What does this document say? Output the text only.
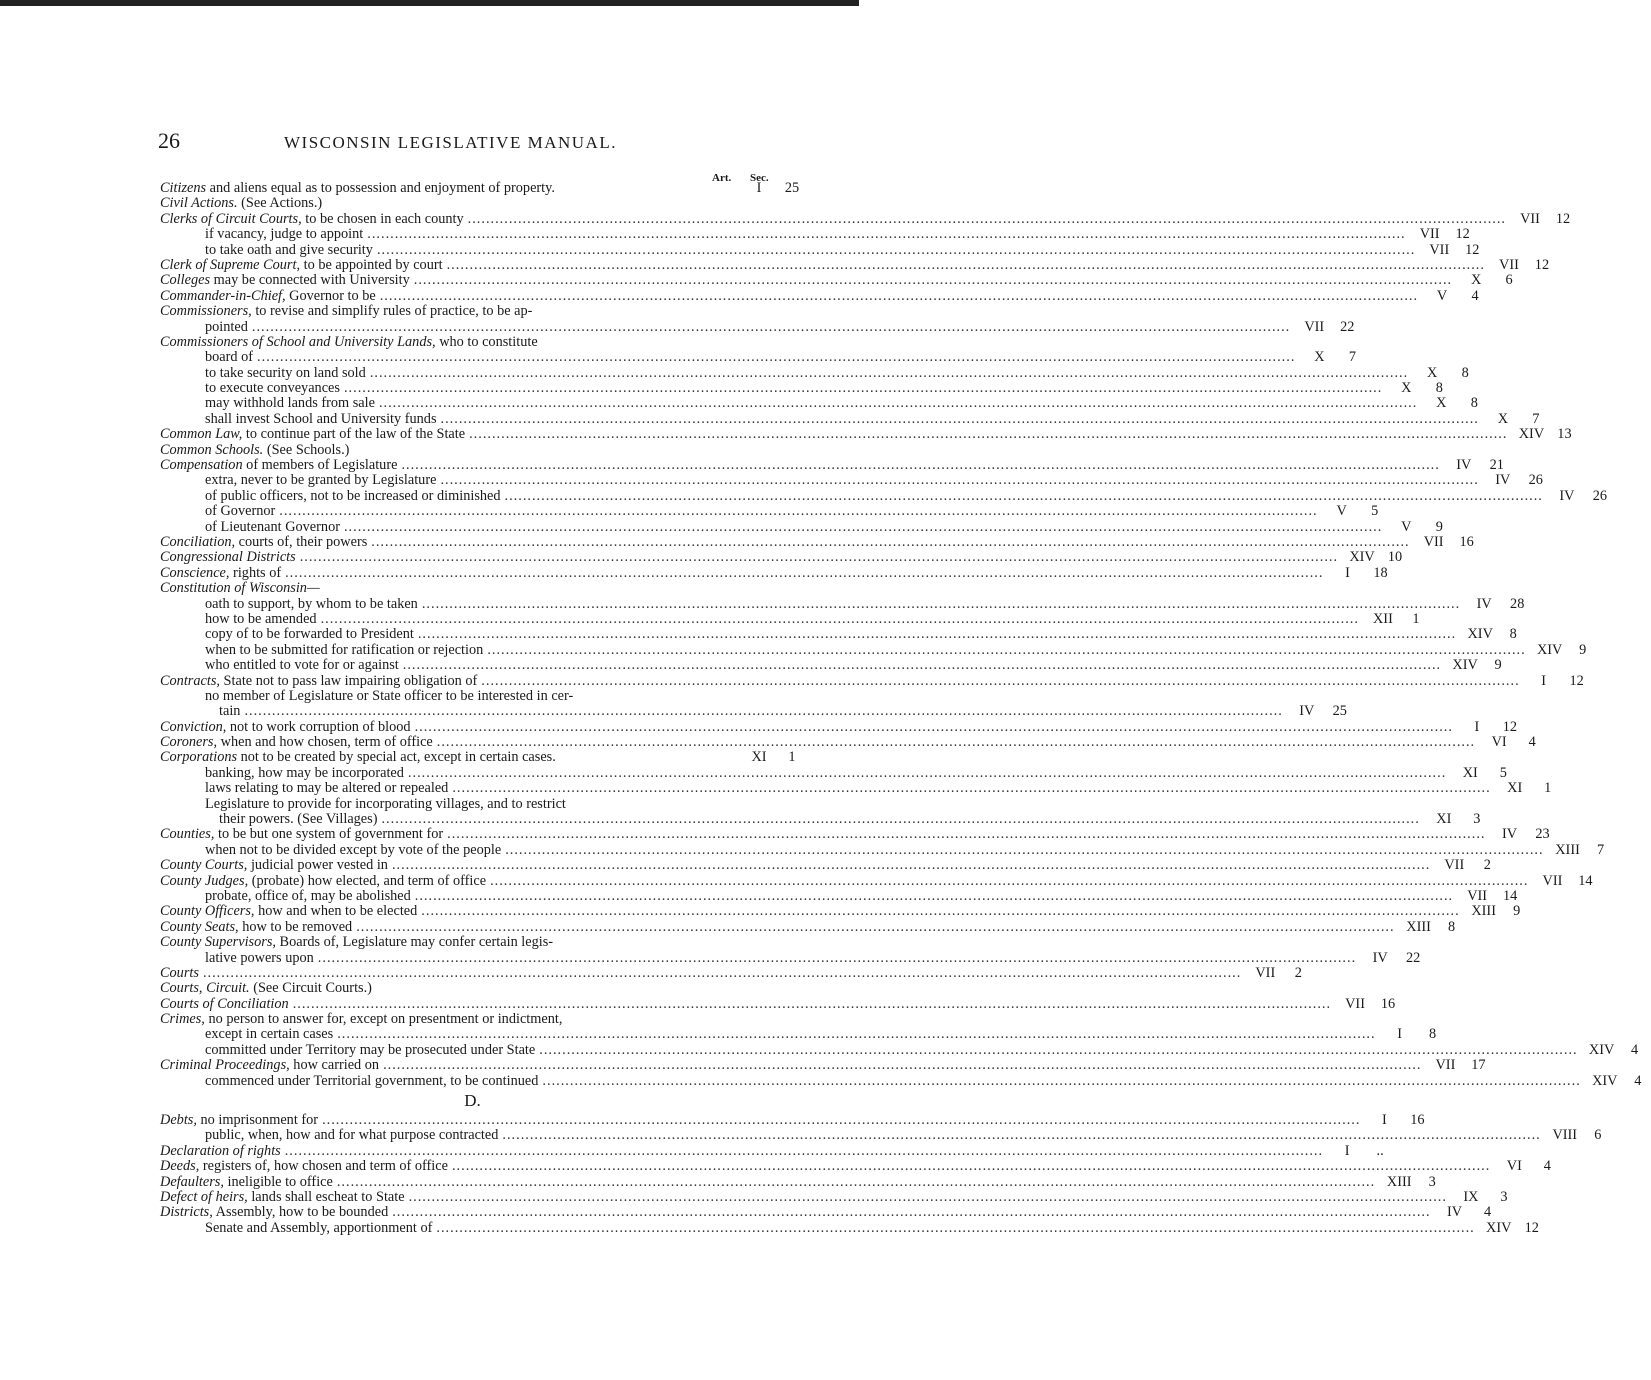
26	WISCONSIN LEGISLATIVE MANUAL.
Art. Sec.
Citizens and aliens equal as to possession and enjoyment of property.	I	25
Civil Actions. (See Actions.)
Clerks of Circuit Courts, to be chosen in each county .....	VII	12
if vacancy, judge to appoint .....	VII	12
to take oath and give security .....	VII	12
Clerk of Supreme Court, to be appointed by court .....	VII	12
Colleges may be connected with University .....	X	6
Commander-in-Chief, Governor to be .....	V	4
Commissioners, to revise and simplify rules of practice, to be ap-
pointed .....	VII	22
Commissioners of School and University Lands, who to constitute
board of .....	X	7
to take security on land sold .....	X	8
to execute conveyances .....	X	8
may withhold lands from sale .....	X	8
shall invest School and University funds .....	X	7
Common Law, to continue part of the law of the State .....	XIV 13
Common Schools. (See Schools.)
Compensation of members of Legislature .....	IV	21
extra, never to be granted by Legislature .....	IV	26
of public officers, not to be increased or diminished .....	IV	26
of Governor .....	V	5
of Lieutenant Governor .....	V	9
Conciliation, courts of, their powers .....	VII	16
Congressional Districts .....	XIV 10
Conscience, rights of .....	I	18
Constitution of Wisconsin—
oath to support, by whom to be taken .....	IV	28
how to be amended .....	XII	1
copy of to be forwarded to President .....	XIV	8
when to be submitted for ratification or rejection .....	XIV	9
who entitled to vote for or against .....	XIV	9
Contracts, State not to pass law impairing obligation of .....	I	12
no member of Legislature or State officer to be interested in cer-
tain .....	IV	25
Conviction, not to work corruption of blood .....	I	12
Coroners, when and how chosen, term of office .....	VI	4
Corporations not to be created by special act, except in certain cases.	XI	1
banking, how may be incorporated .....	XI	5
laws relating to may be altered or repealed .....	XI	1
Legislature to provide for incorporating villages, and to restrict
their powers. (See Villages) .....	XI	3
Counties, to be but one system of government for .....	IV	23
when not to be divided except by vote of the people .....	XIII	7
County Courts, judicial power vested in .....	VII	2
County Judges, (probate) how elected, and term of office .....	VII	14
probate, office of, may be abolished .....	VII	14
County Officers, how and when to be elected .....	XIII	9
County Seats, how to be removed .....	XIII	8
County Supervisors, Boards of, Legislature may confer certain legis-
lative powers upon .....	IV	22
Courts .....	VII	2
Courts, Circuit. (See Circuit Courts.)
Courts of Conciliation .....	VII	16
Crimes, no person to answer for, except on presentment or indictment,
except in certain cases .....	I	8
committed under Territory may be prosecuted under State .....	XIV	4
Criminal Proceedings, how carried on .....	VII	17
commenced under Territorial government, to be continued .....	XIV	4
D.
Debts, no imprisonment for .....	I	16
public, when, how and for what purpose contracted .....	VIII	6
Declaration of rights .....	I	..
Deeds, registers of, how chosen and term of office .....	VI	4
Defaulters, ineligible to office .....	XIII	3
Defect of heirs, lands shall escheat to State .....	IX	3
Districts, Assembly, how to be bounded .....	IV	4
Senate and Assembly, apportionment of .....	XIV 12
